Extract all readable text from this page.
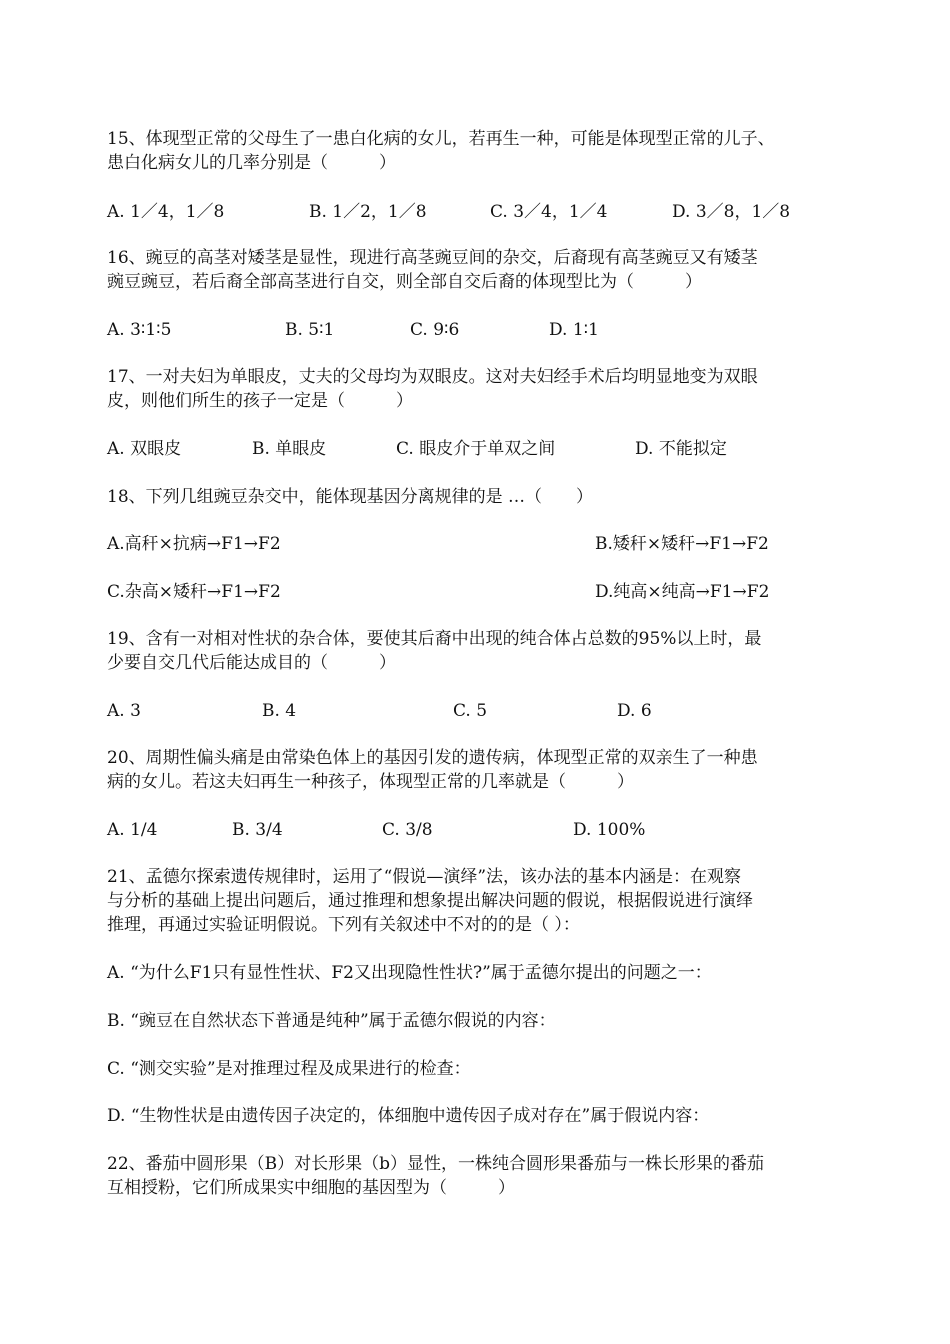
15、体现型正常的父母生了一患白化病的女儿，若再生一种，可能是体现型正常的儿子、
患白化病女儿的几率分别是（　　　）
A. 1／4，1／8	B. 1／2，1／8	C. 3／4，1／4	D. 3／8，1／8
16、豌豆的高茎对矮茎是显性，现进行高茎豌豆间的杂交，后裔现有高茎豌豆又有矮茎
豌豆豌豆，若后裔全部高茎进行自交，则全部自交后裔的体现型比为（　　　）
A. 3∶1∶5	B. 5∶1	C. 9∶6	D. 1∶1
17、一对夫妇为单眼皮，丈夫的父母均为双眼皮。这对夫妇经手术后均明显地变为双眼
皮，则他们所生的孩子一定是（　　　）
A. 双眼皮	B. 单眼皮	C. 眼皮介于单双之间	D. 不能拟定
18、下列几组豌豆杂交中，能体现基因分离规律的是 …（　　）
A.高秆×抗病→F1→F2	B.矮秆×矮秆→F1→F2
C.杂高×矮秆→F1→F2	D.纯高×纯高→F1→F2
19、含有一对相对性状的杂合体，要使其后裔中出现的纯合体占总数的95%以上时，最
少要自交几代后能达成目的（　　　）
A. 3	B. 4	C. 5	D. 6
20、周期性偏头痛是由常染色体上的基因引发的遗传病，体现型正常的双亲生了一种患
病的女儿。若这夫妇再生一种孩子，体现型正常的几率就是（　　　）
A. 1/4	B. 3/4	C. 3/8	D. 100%
21、孟德尔探索遗传规律时，运用了“假说—演绎”法，该办法的基本内涵是：在观察
与分析的基础上提出问题后，通过推理和想象提出解决问题的假说，根据假说进行演绎
推理，再通过实验证明假说。下列有关叙述中不对的的是（ ）：
A. “为什么F1只有显性性状、F2又出现隐性性状?”属于孟德尔提出的问题之一：
B. “豌豆在自然状态下普通是纯种”属于孟德尔假说的内容：
C. “测交实验”是对推理过程及成果进行的检查：
D. “生物性状是由遗传因子决定的，体细胞中遗传因子成对存在”属于假说内容：
22、番茄中圆形果（B）对长形果（b）显性，一株纯合圆形果番茄与一株长形果的番茄
互相授粉，它们所成果实中细胞的基因型为（　　　）
